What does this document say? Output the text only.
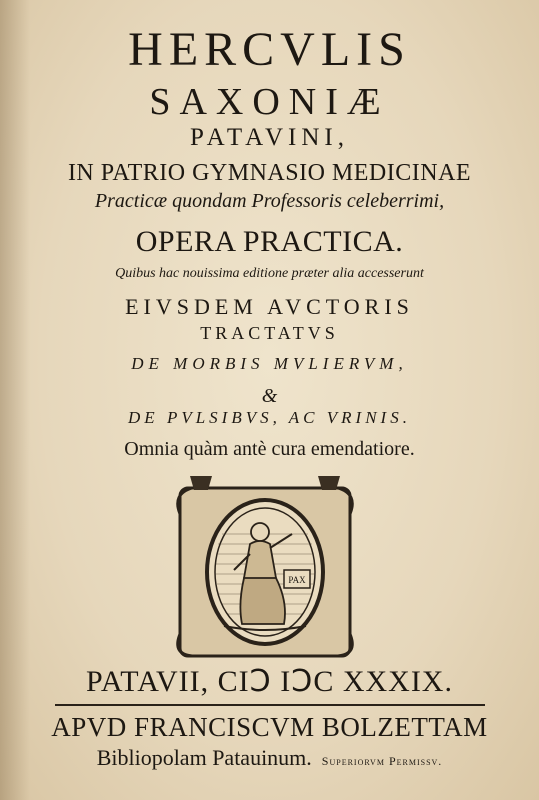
HERCVLIS
SAXONIÆ
PATAVINI,
IN PATRIO GYMNASIO MEDICINAE
Practicæ quondam Professoris celeberrimi,
OPERA PRACTICA.
Quibus hac nouissima editione præter alia accesserunt
EIVSDEM AVCTORIS
TRACTATVS
DE MORBIS MVLIERVM,
&
DE PVLSIBVS, AC VRINIS.
Omnia quàm antè cura emendatiore.
PAX
PATAVII, CIↃ IↃC XXXIX.
APVD FRANCISCVM BOLZETTAM
Bibliopolam Patauinum. Superiorvm Permissv.
